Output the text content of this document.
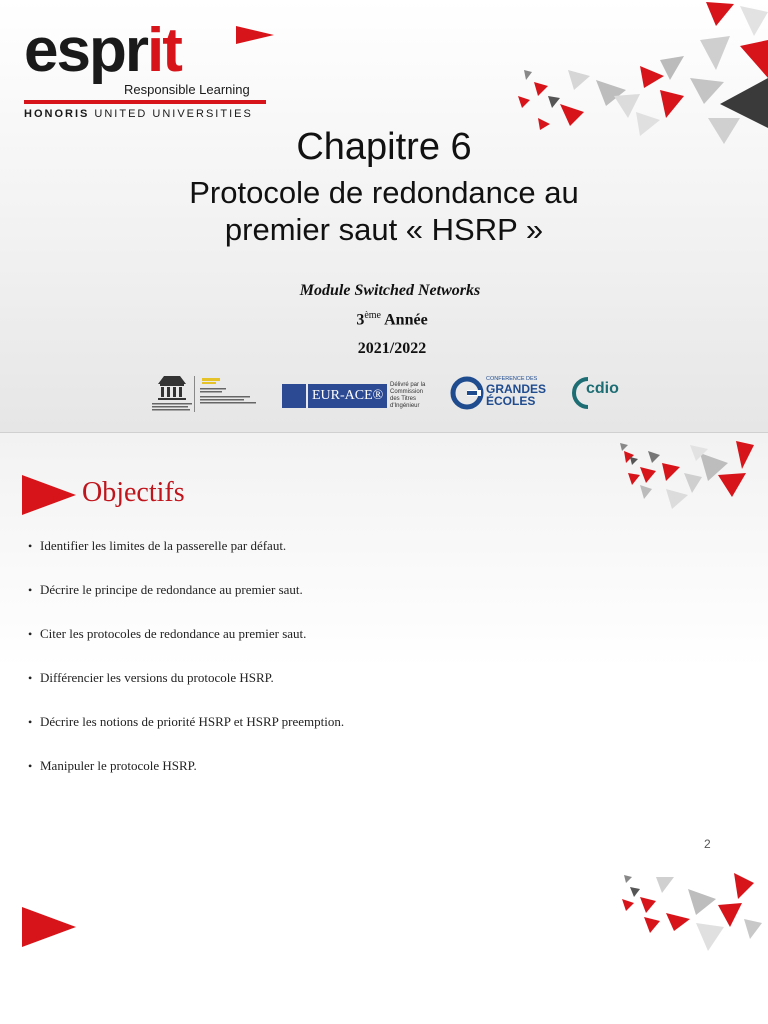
esprit
Responsible Learning
HONORIS UNITED UNIVERSITIES
Chapitre 6
Protocole de redondance au
premier saut « HSRP »
Module Switched Networks
3ème Année
2021/2022
EUR-ACE®
Délivré par la Commission des Titres d'Ingénieur
CONFERENCE DES
GRANDES
ÉCOLES
cdio
Objectifs
• Identifier les limites de la passerelle par défaut.
• Décrire le principe de redondance au premier saut.
• Citer les protocoles de redondance au premier saut.
• Différencier les versions du protocole HSRP.
• Décrire les notions de priorité HSRP et HSRP preemption.
• Manipuler le protocole HSRP.
2
